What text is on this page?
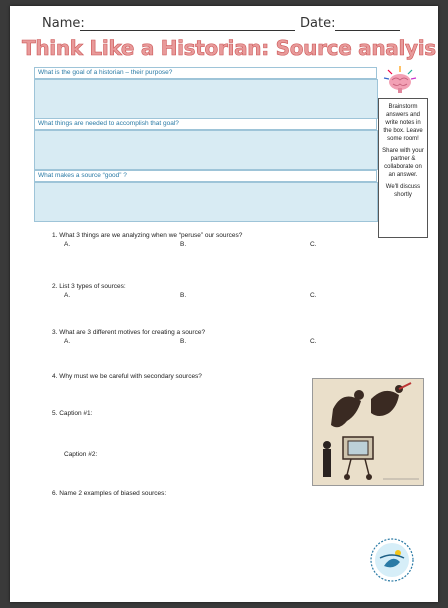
Name:	Date:
Think Like a Historian: Source analyis
What is the goal of a historian – their purpose?
What things are needed to accomplish that goal?
What makes a source “good” ?

Brainstorm answers and write notes in the box. Leave some room!

Share with your partner & collaborate on an answer.

We'll discuss shortly

1. What 3 things are we analyzing when we “peruse” our sources?
A.	B.	C.
2. List 3 types of sources:
A.	B.	C.
3. What are 3 different motives for creating a source?
A.	B.	C.
4. Why must we be careful with secondary sources?
5. Caption #1:
Caption #2:
6. Name 2 examples of biased sources:
